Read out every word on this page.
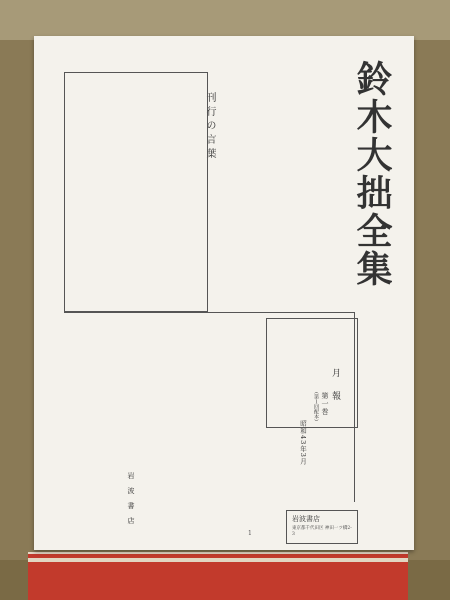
鈴木大拙全集
月報
第一巻
(第１回配本)
昭和43年3月
刊行の言葉
岩波書店	岩波書店
東京都千代田区 神田一ツ橋2-3
1
